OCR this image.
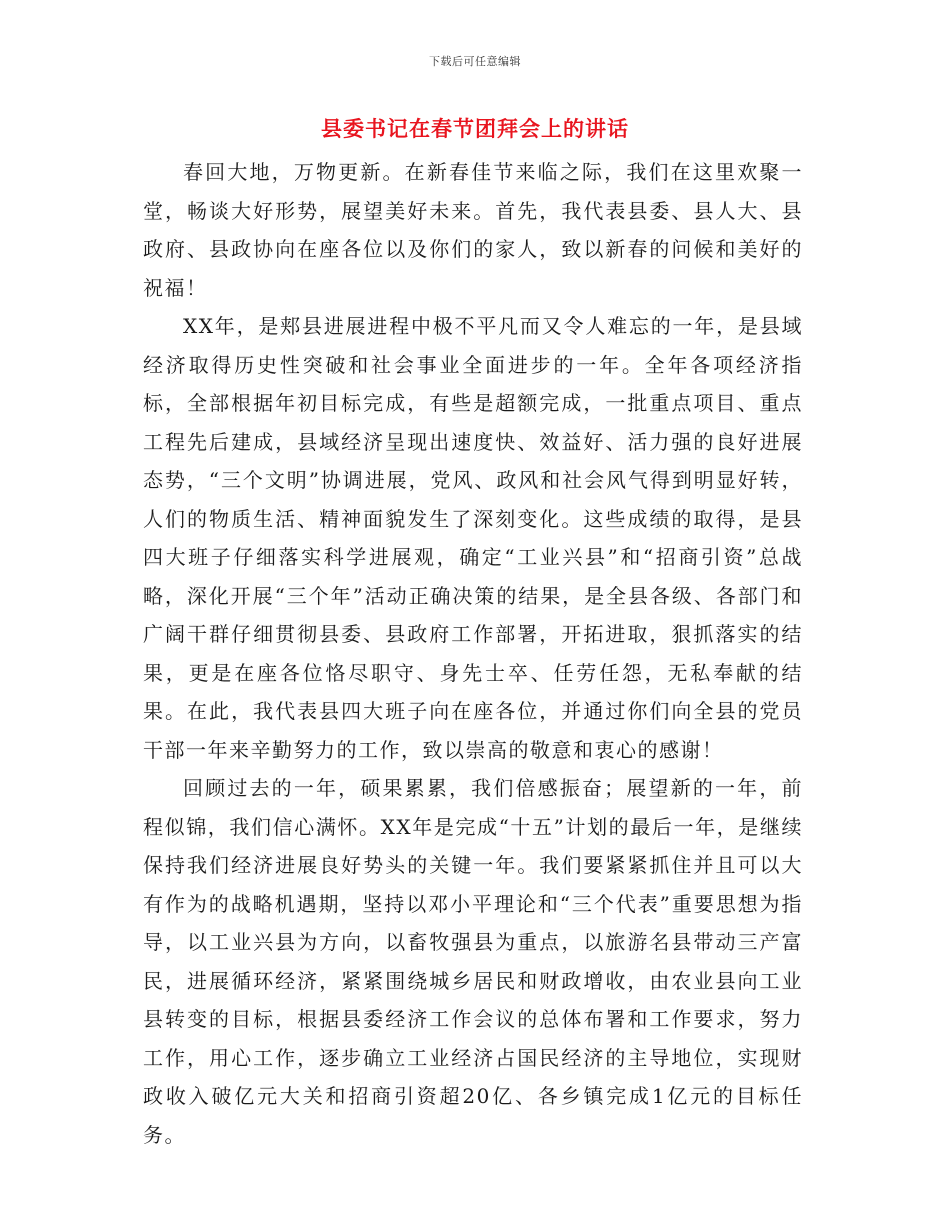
下载后可任意编辑
县委书记在春节团拜会上的讲话

春回大地，万物更新。在新春佳节来临之际，我们在这里欢聚一堂，畅谈大好形势，展望美好未来。首先，我代表县委、县人大、县政府、县政协向在座各位以及你们的家人，致以新春的问候和美好的祝福！

XX年，是郏县进展进程中极不平凡而又令人难忘的一年，是县域经济取得历史性突破和社会事业全面进步的一年。全年各项经济指标，全部根据年初目标完成，有些是超额完成，一批重点项目、重点工程先后建成，县域经济呈现出速度快、效益好、活力强的良好进展态势，“三个文明”协调进展，党风、政风和社会风气得到明显好转，人们的物质生活、精神面貌发生了深刻变化。这些成绩的取得，是县四大班子仔细落实科学进展观，确定“工业兴县”和“招商引资”总战略，深化开展“三个年”活动正确决策的结果，是全县各级、各部门和广阔干群仔细贯彻县委、县政府工作部署，开拓进取，狠抓落实的结果，更是在座各位恪尽职守、身先士卒、任劳任怨，无私奉献的结果。在此，我代表县四大班子向在座各位，并通过你们向全县的党员干部一年来辛勤努力的工作，致以崇高的敬意和衷心的感谢！

回顾过去的一年，硕果累累，我们倍感振奋；展望新的一年，前程似锦，我们信心满怀。XX年是完成“十五”计划的最后一年，是继续保持我们经济进展良好势头的关键一年。我们要紧紧抓住并且可以大有作为的战略机遇期，坚持以邓小平理论和“三个代表”重要思想为指导，以工业兴县为方向，以畜牧强县为重点，以旅游名县带动三产富民，进展循环经济，紧紧围绕城乡居民和财政增收，由农业县向工业县转变的目标，根据县委经济工作会议的总体布署和工作要求，努力工作，用心工作，逐步确立工业经济占国民经济的主导地位，实现财政收入破亿元大关和招商引资超20亿、各乡镇完成1亿元的目标任务。
